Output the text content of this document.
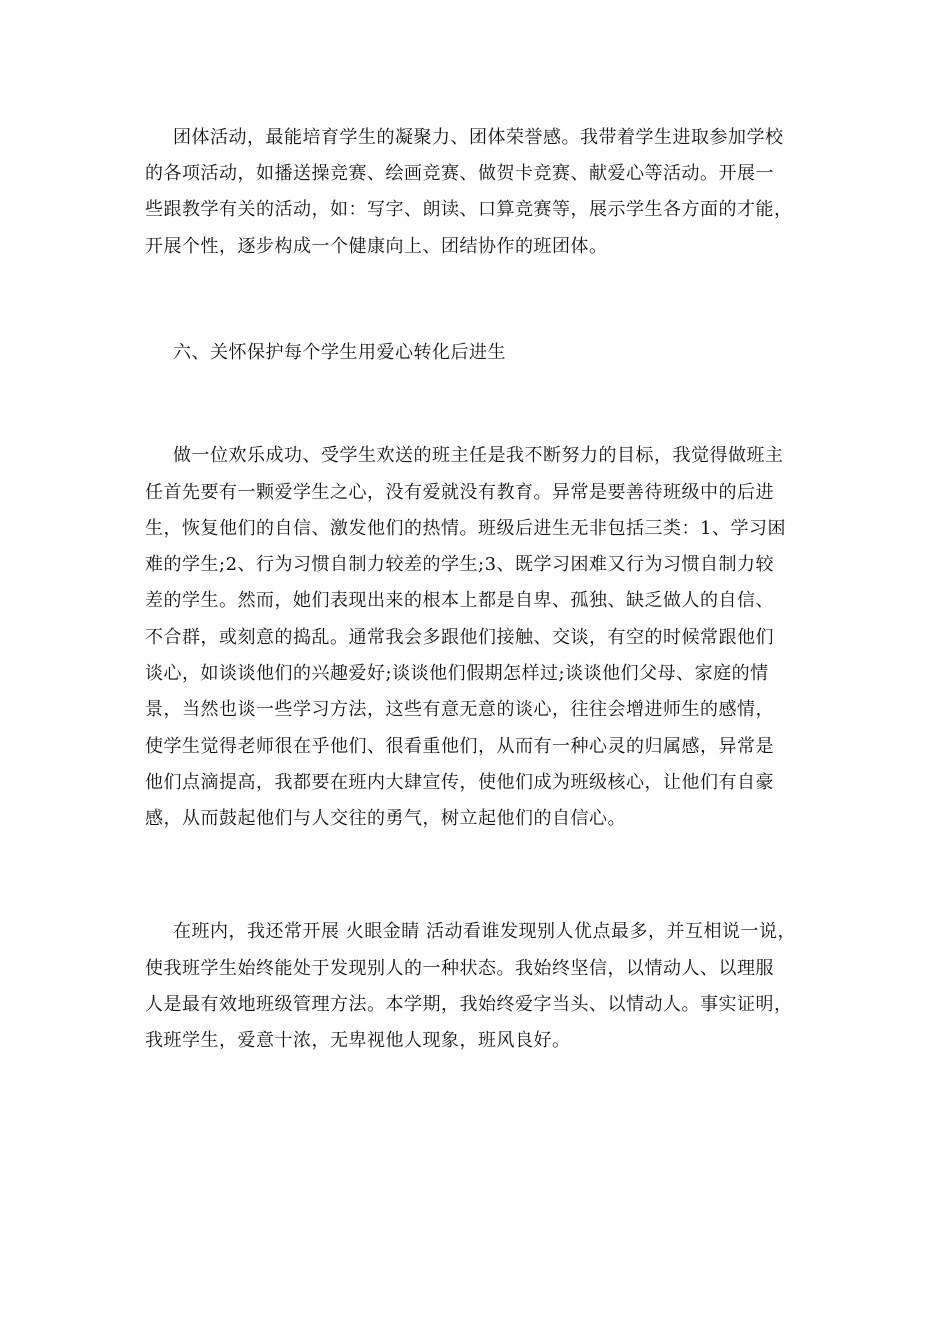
团体活动，最能培育学生的凝聚力、团体荣誉感。我带着学生进取参加学校
的各项活动，如播送操竞赛、绘画竞赛、做贺卡竞赛、献爱心等活动。开展一
些跟教学有关的活动，如：写字、朗读、口算竞赛等，展示学生各方面的才能，
开展个性，逐步构成一个健康向上、团结协作的班团体。
六、关怀保护每个学生用爱心转化后进生
做一位欢乐成功、受学生欢送的班主任是我不断努力的目标，我觉得做班主
任首先要有一颗爱学生之心，没有爱就没有教育。异常是要善待班级中的后进
生，恢复他们的自信、激发他们的热情。班级后进生无非包括三类：1、学习困
难的学生;2、行为习惯自制力较差的学生;3、既学习困难又行为习惯自制力较
差的学生。然而，她们表现出来的根本上都是自卑、孤独、缺乏做人的自信、
不合群，或刻意的捣乱。通常我会多跟他们接触、交谈，有空的时候常跟他们
谈心，如谈谈他们的兴趣爱好;谈谈他们假期怎样过;谈谈他们父母、家庭的情
景，当然也谈一些学习方法，这些有意无意的谈心，往往会增进师生的感情，
使学生觉得老师很在乎他们、很看重他们，从而有一种心灵的归属感，异常是
他们点滴提高，我都要在班内大肆宣传，使他们成为班级核心，让他们有自豪
感，从而鼓起他们与人交往的勇气，树立起他们的自信心。
在班内，我还常开展 火眼金睛 活动看谁发现别人优点最多，并互相说一说，
使我班学生始终能处于发现别人的一种状态。我始终坚信，以情动人、以理服
人是最有效地班级管理方法。本学期，我始终爱字当头、以情动人。事实证明，
我班学生，爱意十浓，无卑视他人现象，班风良好。
